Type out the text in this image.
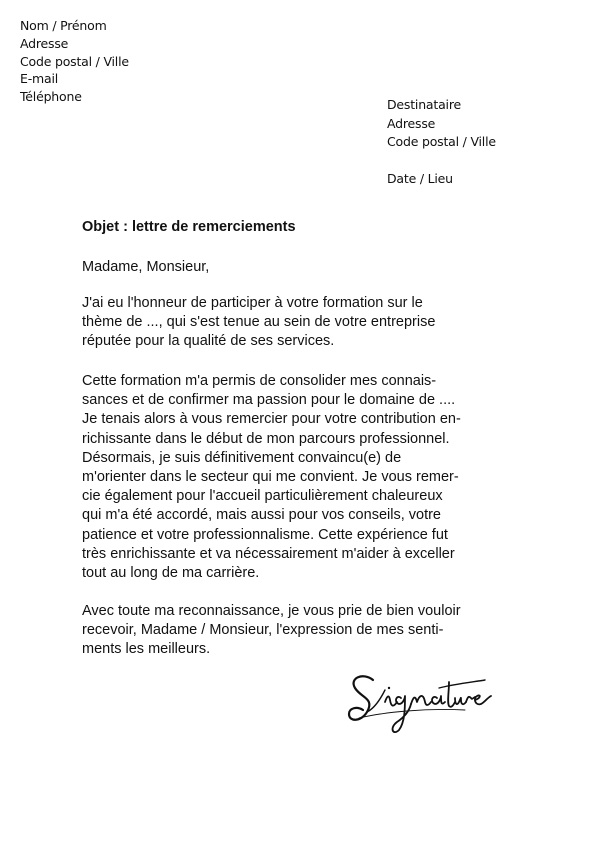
Nom / Prénom
Adresse
Code postal / Ville
E-mail
Téléphone
Destinataire
Adresse
Code postal / Ville
Date / Lieu
Objet : lettre de remerciements
Madame, Monsieur,
J'ai eu l'honneur de participer à votre formation sur le
thème de ..., qui s'est tenue au sein de votre entreprise
réputée pour la qualité de ses services.
Cette formation m'a permis de consolider mes connais-
sances et de confirmer ma passion pour le domaine de ....
Je tenais alors à vous remercier pour votre contribution en-
richissante dans le début de mon parcours professionnel.
Désormais, je suis définitivement convaincu(e) de
m'orienter dans le secteur qui me convient. Je vous remer-
cie également pour l'accueil particulièrement chaleureux
qui m'a été accordé, mais aussi pour vos conseils, votre
patience et votre professionnalisme. Cette expérience fut
très enrichissante et va nécessairement m'aider à exceller
tout au long de ma carrière.
Avec toute ma reconnaissance, je vous prie de bien vouloir
recevoir, Madame / Monsieur, l'expression de mes senti-
ments les meilleurs.
